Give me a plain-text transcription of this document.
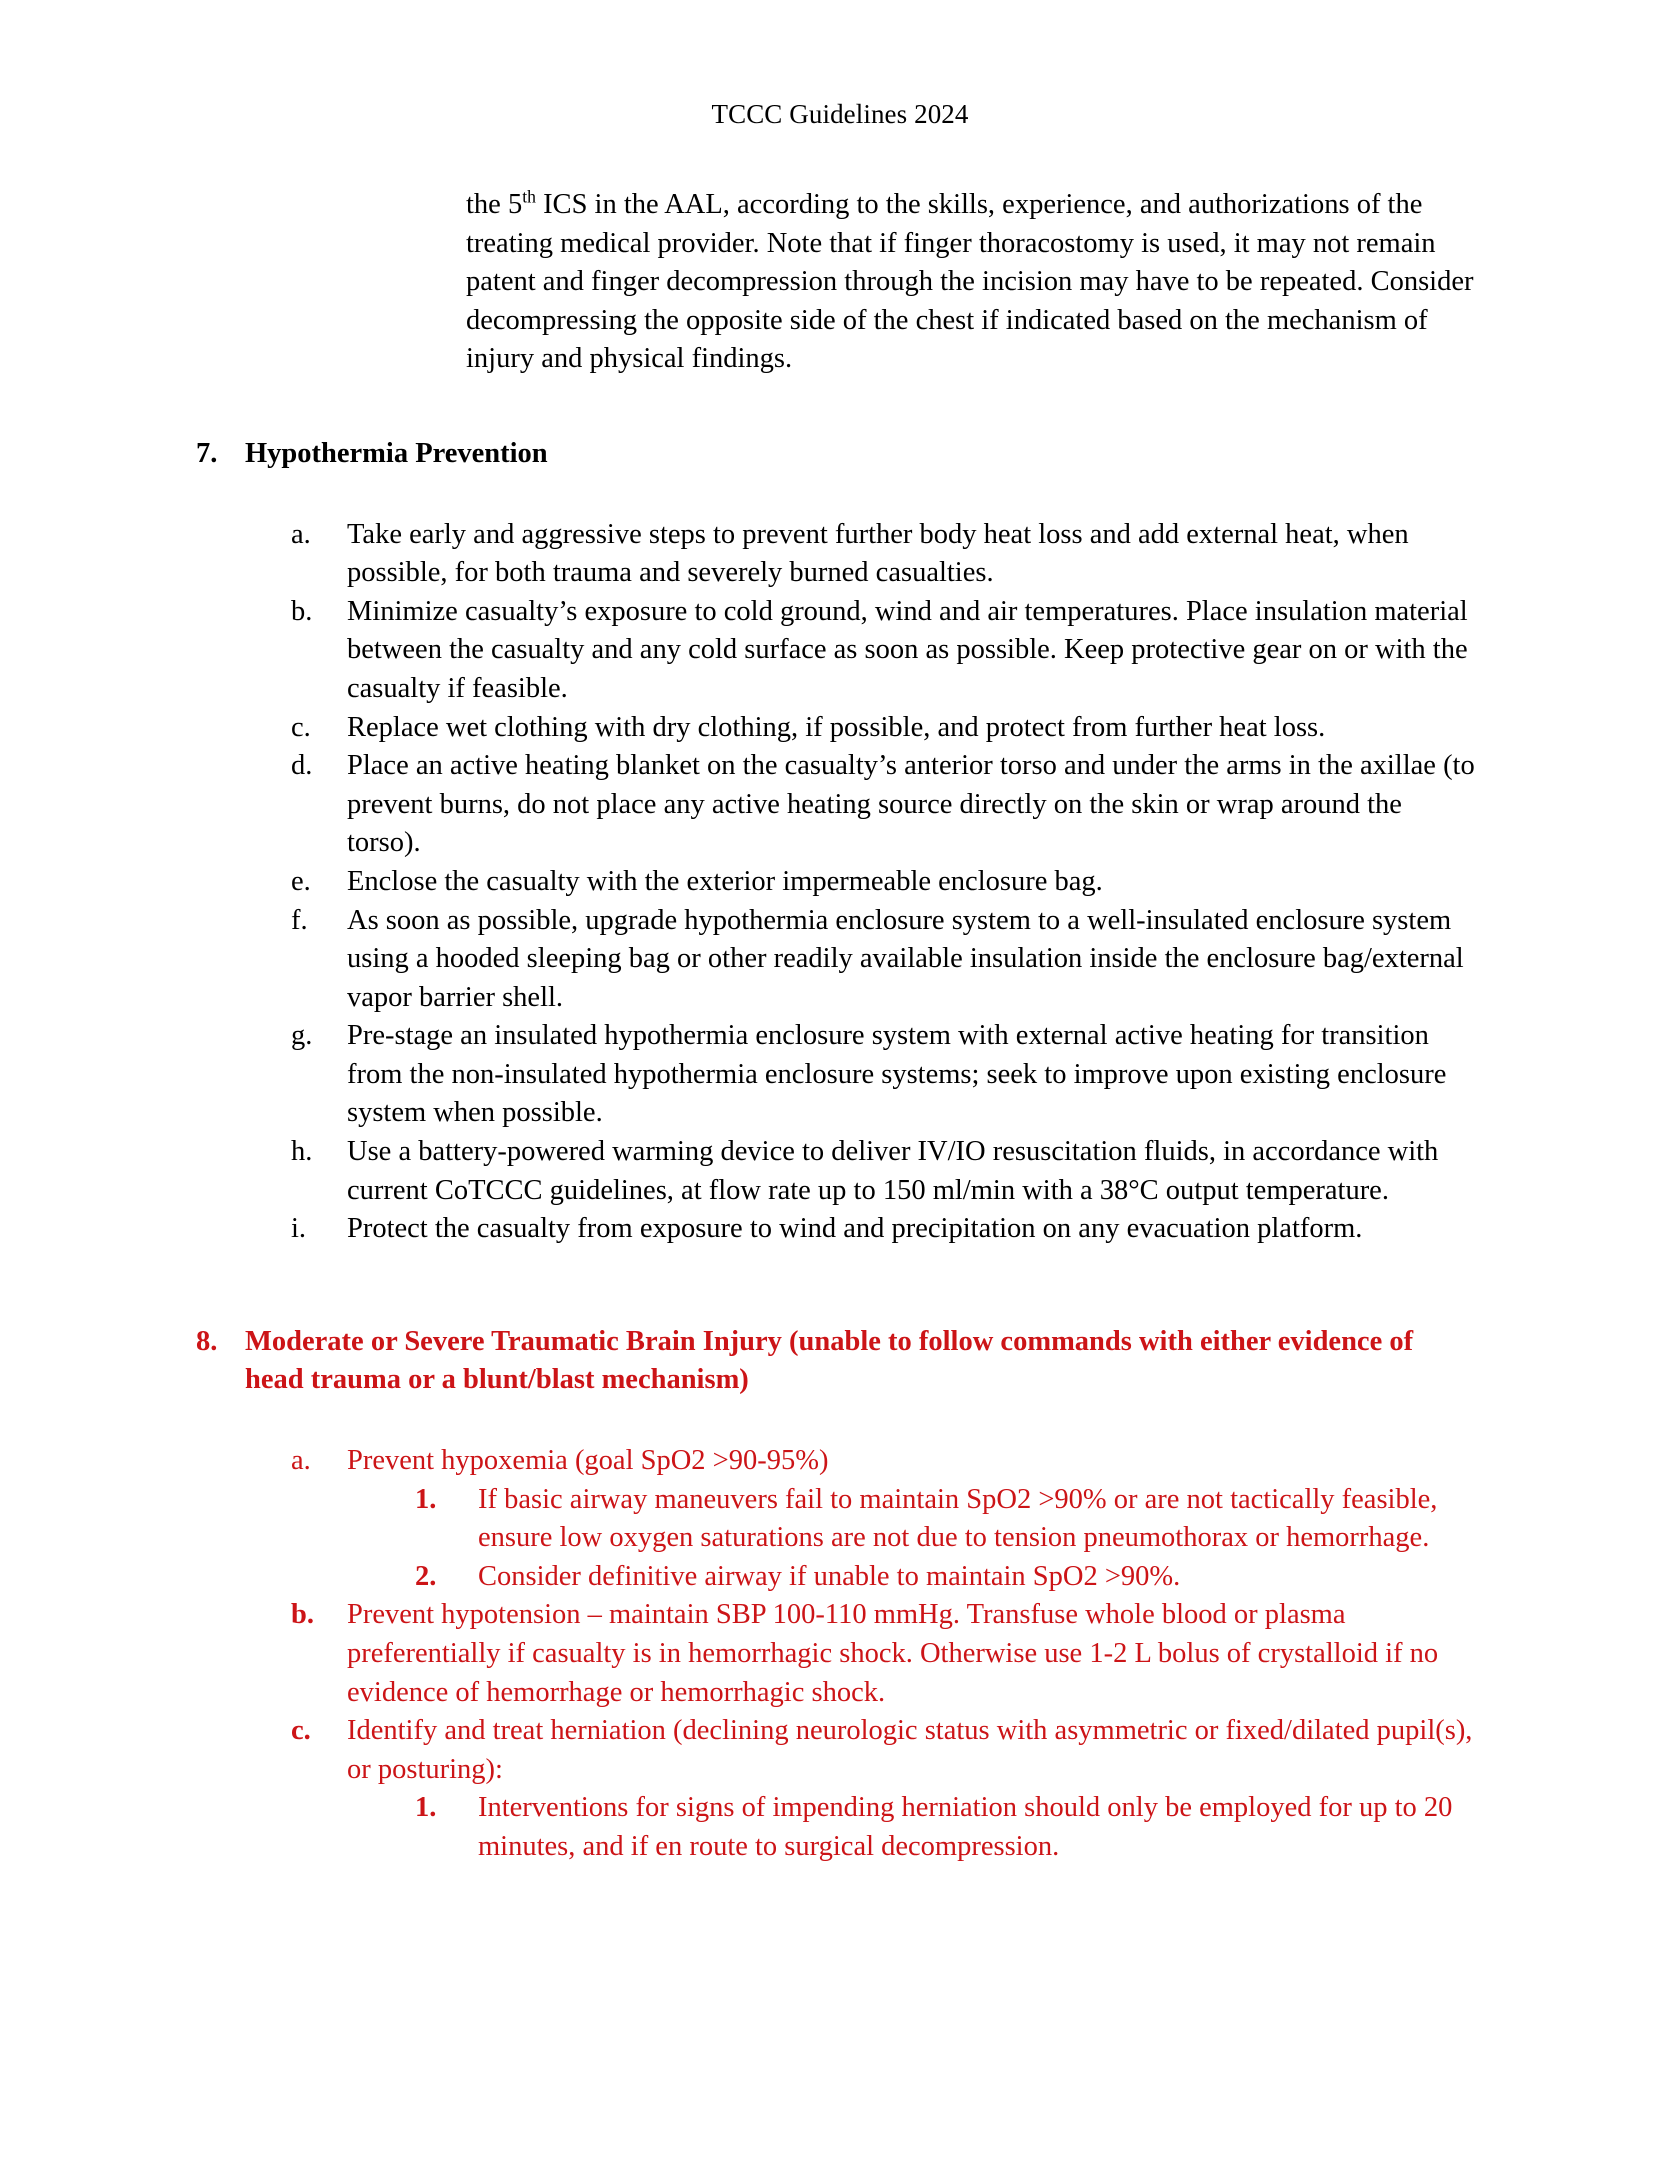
TCCC Guidelines 2024
the 5th ICS in the AAL, according to the skills, experience, and authorizations of the treating medical provider. Note that if finger thoracostomy is used, it may not remain patent and finger decompression through the incision may have to be repeated. Consider decompressing the opposite side of the chest if indicated based on the mechanism of injury and physical findings.
7. Hypothermia Prevention
a.	Take early and aggressive steps to prevent further body heat loss and add external heat, when possible, for both trauma and severely burned casualties.
b.	Minimize casualty’s exposure to cold ground, wind and air temperatures. Place insulation material between the casualty and any cold surface as soon as possible. Keep protective gear on or with the casualty if feasible.
c.	Replace wet clothing with dry clothing, if possible, and protect from further heat loss.
d.	Place an active heating blanket on the casualty’s anterior torso and under the arms in the axillae (to prevent burns, do not place any active heating source directly on the skin or wrap around the torso).
e.	Enclose the casualty with the exterior impermeable enclosure bag.
f.	As soon as possible, upgrade hypothermia enclosure system to a well-insulated enclosure system using a hooded sleeping bag or other readily available insulation inside the enclosure bag/external vapor barrier shell.
g.	Pre-stage an insulated hypothermia enclosure system with external active heating for transition from the non-insulated hypothermia enclosure systems; seek to improve upon existing enclosure system when possible.
h.	Use a battery-powered warming device to deliver IV/IO resuscitation fluids, in accordance with current CoTCCC guidelines, at flow rate up to 150 ml/min with a 38°C output temperature.
i.	Protect the casualty from exposure to wind and precipitation on any evacuation platform.
8. Moderate or Severe Traumatic Brain Injury (unable to follow commands with either evidence of head trauma or a blunt/blast mechanism)
a.	Prevent hypoxemia (goal SpO2 >90-95%)
1.	If basic airway maneuvers fail to maintain SpO2 >90% or are not tactically feasible, ensure low oxygen saturations are not due to tension pneumothorax or hemorrhage.
2.	Consider definitive airway if unable to maintain SpO2 >90%.
b.	Prevent hypotension – maintain SBP 100-110 mmHg. Transfuse whole blood or plasma preferentially if casualty is in hemorrhagic shock. Otherwise use 1-2 L bolus of crystalloid if no evidence of hemorrhage or hemorrhagic shock.
c.	Identify and treat herniation (declining neurologic status with asymmetric or fixed/dilated pupil(s), or posturing):
1.	Interventions for signs of impending herniation should only be employed for up to 20 minutes, and if en route to surgical decompression.
